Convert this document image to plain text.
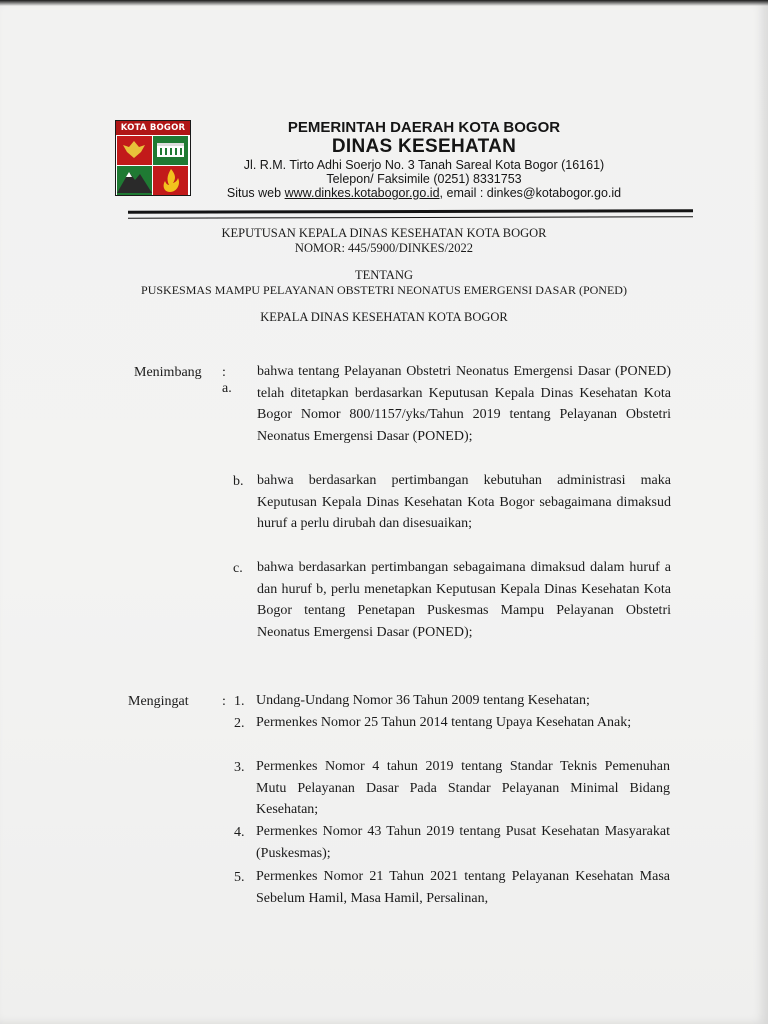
KOTA BOGOR	PEMERINTAH DAERAH KOTA BOGOR
DINAS KESEHATAN
Jl. R.M. Tirto Adhi Soerjo No. 3 Tanah Sareal Kota Bogor (16161)
Telepon/ Faksimile (0251) 8331753
Situs web www.dinkes.kotabogor.go.id, email : dinkes@kotabogor.go.id
KEPUTUSAN KEPALA DINAS KESEHATAN KOTA BOGOR
NOMOR: 445/5900/DINKES/2022
TENTANG
PUSKESMAS MAMPU PELAYANAN OBSTETRI NEONATUS EMERGENSI DASAR (PONED)
KEPALA DINAS KESEHATAN KOTA BOGOR
Menimbang : a.
bahwa tentang Pelayanan Obstetri Neonatus Emergensi Dasar (PONED) telah ditetapkan berdasarkan Keputusan Kepala Dinas Kesehatan Kota Bogor Nomor 800/1157/yks/Tahun 2019 tentang Pelayanan Obstetri Neonatus Emergensi Dasar (PONED);
b. bahwa berdasarkan pertimbangan kebutuhan administrasi maka Keputusan Kepala Dinas Kesehatan Kota Bogor sebagaimana dimaksud huruf a perlu dirubah dan disesuaikan;
c. bahwa berdasarkan pertimbangan sebagaimana dimaksud dalam huruf a dan huruf b, perlu menetapkan Keputusan Kepala Dinas Kesehatan Kota Bogor tentang Penetapan Puskesmas Mampu Pelayanan Obstetri Neonatus Emergensi Dasar (PONED);
Mengingat : 1. Undang-Undang Nomor 36 Tahun 2009 tentang Kesehatan;
2. Permenkes Nomor 25 Tahun 2014 tentang Upaya Kesehatan Anak;
3. Permenkes Nomor 4 tahun 2019 tentang Standar Teknis Pemenuhan Mutu Pelayanan Dasar Pada Standar Pelayanan Minimal Bidang Kesehatan;
4. Permenkes Nomor 43 Tahun 2019 tentang Pusat Kesehatan Masyarakat (Puskesmas);
5. Permenkes Nomor 21 Tahun 2021 tentang Pelayanan Kesehatan Masa Sebelum Hamil, Masa Hamil, Persalinan,
